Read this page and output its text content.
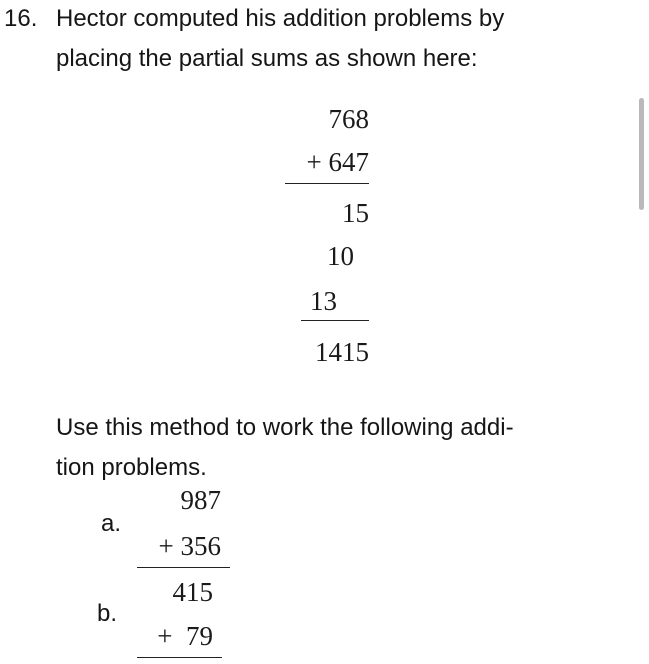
16. Hector computed his addition problems by
placing the partial sums as shown here:
768
+ 647
15
10
13
1415
Use this method to work the following addi-
tion problems.
a.
987
+ 356
b.
415
+  79
